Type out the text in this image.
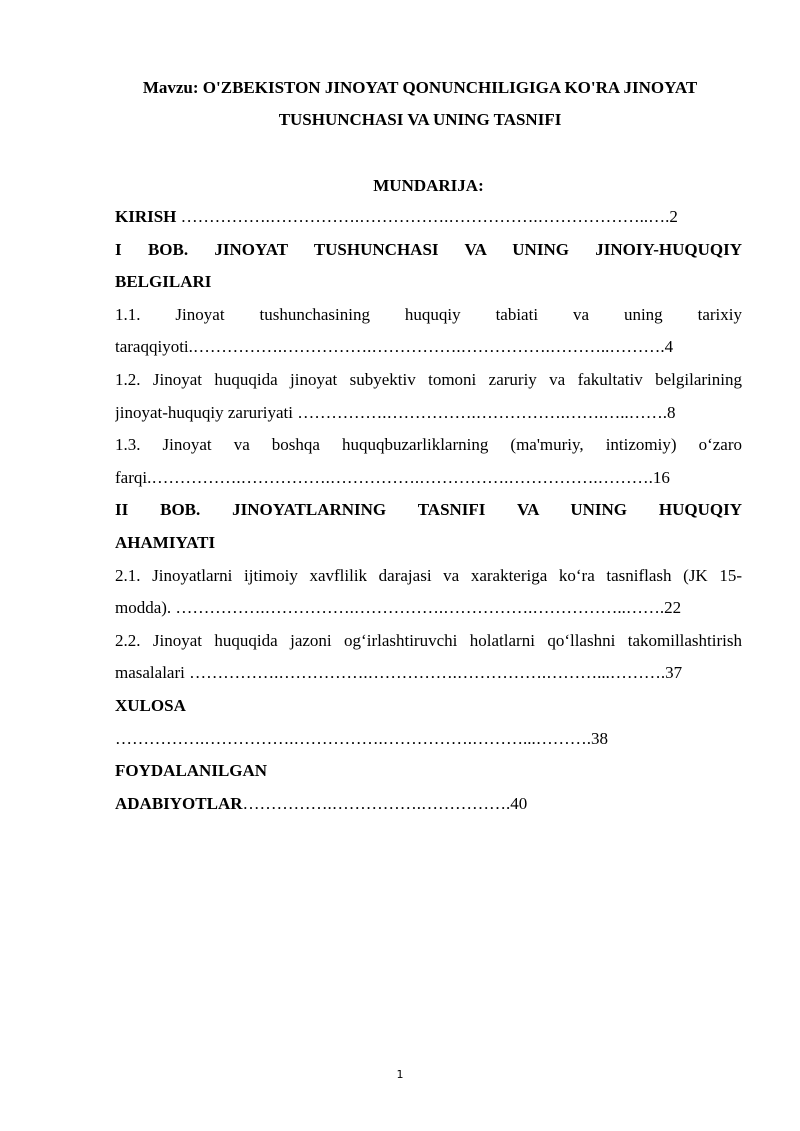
Mavzu: O'ZBEKISTON JINOYAT QONUNCHILIGIGA KO'RA JINOYAT
TUSHUNCHASI VA UNING TASNIFI
MUNDARIJA:
KIRISH …………….…………….…………….…………….………………..….2
I BOB. JINOYAT TUSHUNCHASI VA UNING JINOIY-HUQUQIY
BELGILARI
1.1. Jinoyat tushunchasining huquqiy tabiati va uning tarixiy
taraqqiyoti.…………….…………….…………….…………….………..……….4
1.2. Jinoyat huquqida jinoyat subyektiv tomoni zaruriy va fakultativ belgilarining
jinoyat-huquqiy zaruriyati …………….…………….…………….…….…..…….8
1.3. Jinoyat va boshqa huquqbuzarliklarning (ma'muriy, intizomiy) o‘zaro
farqi.…………….…………….…………….…………….…………….……….16
II BOB. JINOYATLARNING TASNIFI VA UNING HUQUQIY
AHAMIYATI
2.1. Jinoyatlarni ijtimoiy xavflilik darajasi va xarakteriga ko‘ra tasniflash (JK 15-
modda). …………….…………….…………….…………….……………..…….22
2.2. Jinoyat huquqida jazoni og‘irlashtiruvchi holatlarni qo‘llashni takomillashtirish
masalalari …………….…………….…………….…………….………...……….37
XULOSA
…………….…………….…………….…………….………...……….38
FOYDALANILGAN
ADABIYOTLAR…………….…………….…………….40
1
